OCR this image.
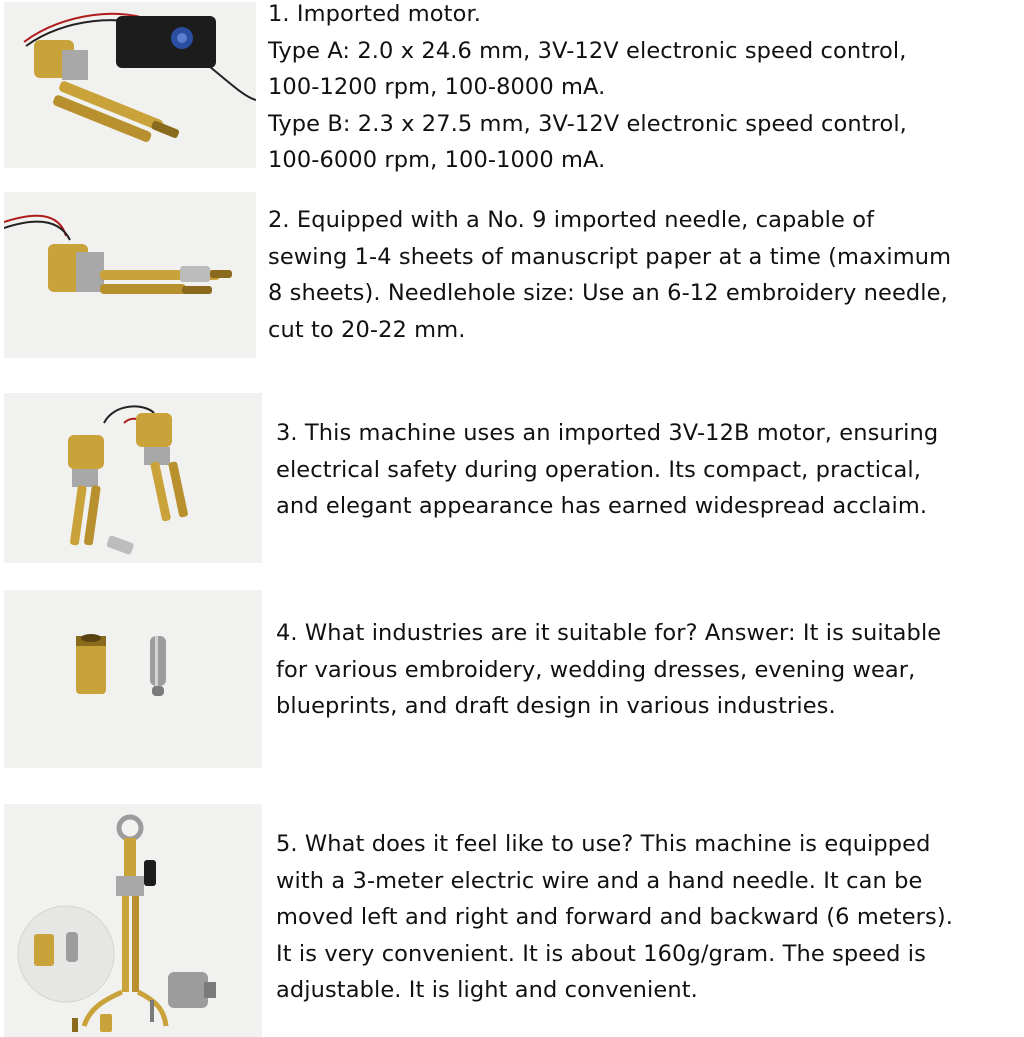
1. Imported motor.
Type A: 2.0 x 24.6 mm, 3V-12V electronic speed control,
100-1200 rpm, 100-8000 mA.
Type B: 2.3 x 27.5 mm, 3V-12V electronic speed control,
100-6000 rpm, 100-1000 mA.

2. Equipped with a No. 9 imported needle, capable of
sewing 1-4 sheets of manuscript paper at a time (maximum
8 sheets). Needlehole size: Use an 6-12 embroidery needle,
cut to 20-22 mm.

3. This machine uses an imported 3V-12B motor, ensuring
electrical safety during operation. Its compact, practical,
and elegant appearance has earned widespread acclaim.

4. What industries are it suitable for? Answer: It is suitable
for various embroidery, wedding dresses, evening wear,
blueprints, and draft design in various industries.

5. What does it feel like to use? This machine is equipped
with a 3-meter electric wire and a hand needle. It can be
moved left and right and forward and backward (6 meters).
It is very convenient. It is about 160g/gram. The speed is
adjustable. It is light and convenient.
